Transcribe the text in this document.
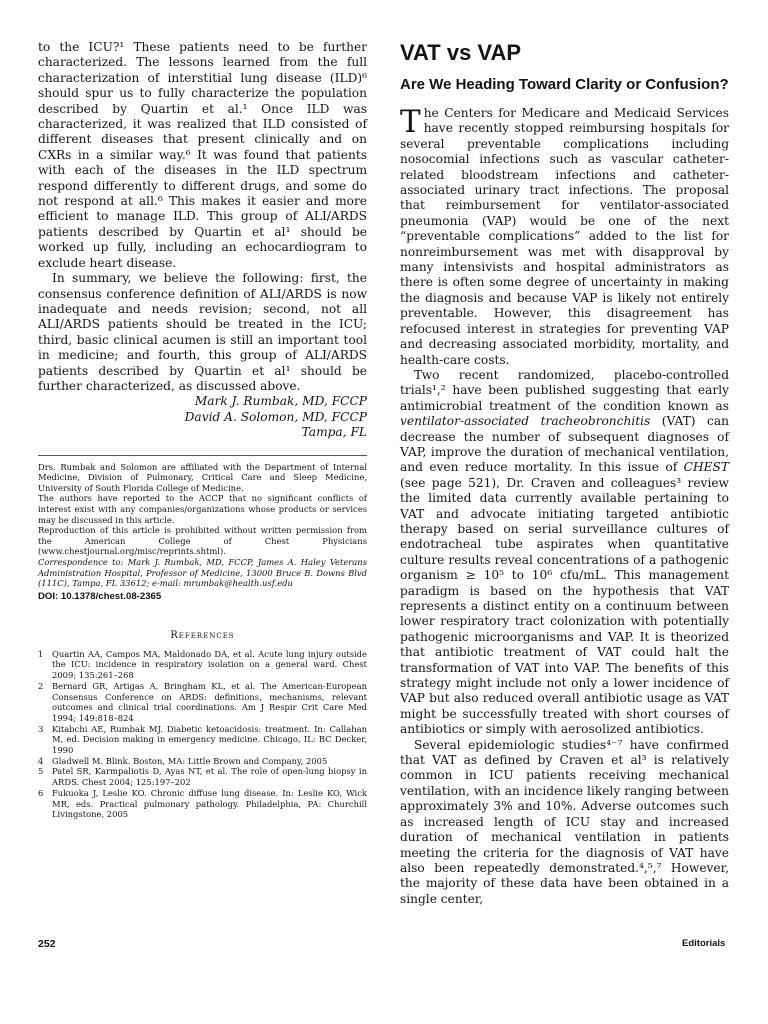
to the ICU?¹ These patients need to be further characterized. The lessons learned from the full characterization of interstitial lung disease (ILD)⁶ should spur us to fully characterize the population described by Quartin et al.¹ Once ILD was characterized, it was realized that ILD consisted of different diseases that present clinically and on CXRs in a similar way.⁶ It was found that patients with each of the diseases in the ILD spectrum respond differently to different drugs, and some do not respond at all.⁶ This makes it easier and more efficient to manage ILD. This group of ALI/ARDS patients described by Quartin et al¹ should be worked up fully, including an echocardiogram to exclude heart disease.

In summary, we believe the following: first, the consensus conference definition of ALI/ARDS is now inadequate and needs revision; second, not all ALI/ARDS patients should be treated in the ICU; third, basic clinical acumen is still an important tool in medicine; and fourth, this group of ALI/ARDS patients described by Quartin et al¹ should be further characterized, as discussed above.

Mark J. Rumbak, MD, FCCP
David A. Solomon, MD, FCCP
Tampa, FL

Drs. Rumbak and Solomon are affiliated with the Department of Internal Medicine, Division of Pulmonary, Critical Care and Sleep Medicine, University of South Florida College of Medicine.

The authors have reported to the ACCP that no significant conflicts of interest exist with any companies/organizations whose products or services may be discussed in this article.

Reproduction of this article is prohibited without written permission from the American College of Chest Physicians (www.chestjournal.org/misc/reprints.shtml).

Correspondence to: Mark J. Rumbak, MD, FCCP, James A. Haley Veterans Administration Hospital, Professor of Medicine, 13000 Bruce B. Downs Blvd (111C), Tampa, FL 33612; e-mail: mrumbak@health.usf.edu

DOI: 10.1378/chest.08-2365
References
1 Quartin AA, Campos MA, Maldonado DA, et al. Acute lung injury outside the ICU: incidence in respiratory isolation on a general ward. Chest 2009; 135:261–268
2 Bernard GR, Artigas A, Bringham KL, et al. The American-European Consensus Conference on ARDS: definitions, mechanisms, relevant outcomes and clinical trial coordinations. Am J Respir Crit Care Med 1994; 149:818–824
3 Kitabchi AE, Rumbak MJ. Diabetic ketoacidosis: treatment. In: Callahan M, ed. Decision making in emergency medicine. Chicago, IL: BC Decker, 1990
4 Gladwell M. Blink. Boston, MA: Little Brown and Company, 2005
5 Patel SR, Karmpaliotis D, Ayas NT, et al. The role of open-lung biopsy in ARDS. Chest 2004; 125:197–202
6 Fukuoka J, Leslie KO. Chronic diffuse lung disease. In: Leslie KO, Wick MR, eds. Practical pulmonary pathology. Philadelphia, PA: Churchill Livingstone, 2005
VAT vs VAP
Are We Heading Toward Clarity or Confusion?

The Centers for Medicare and Medicaid Services have recently stopped reimbursing hospitals for several preventable complications including nosocomial infections such as vascular catheter-related bloodstream infections and catheter-associated urinary tract infections. The proposal that reimbursement for ventilator-associated pneumonia (VAP) would be one of the next “preventable complications” added to the list for nonreimbursement was met with disapproval by many intensivists and hospital administrators as there is often some degree of uncertainty in making the diagnosis and because VAP is likely not entirely preventable. However, this disagreement has refocused interest in strategies for preventing VAP and decreasing associated morbidity, mortality, and health-care costs.

Two recent randomized, placebo-controlled trials¹,² have been published suggesting that early antimicrobial treatment of the condition known as ventilator-associated tracheobronchitis (VAT) can decrease the number of subsequent diagnoses of VAP, improve the duration of mechanical ventilation, and even reduce mortality. In this issue of CHEST (see page 521), Dr. Craven and colleagues³ review the limited data currently available pertaining to VAT and advocate initiating targeted antibiotic therapy based on serial surveillance cultures of endotracheal tube aspirates when quantitative culture results reveal concentrations of a pathogenic organism ≥ 10⁵ to 10⁶ cfu/mL. This management paradigm is based on the hypothesis that VAT represents a distinct entity on a continuum between lower respiratory tract colonization with potentially pathogenic microorganisms and VAP. It is theorized that antibiotic treatment of VAT could halt the transformation of VAT into VAP. The benefits of this strategy might include not only a lower incidence of VAP but also reduced overall antibiotic usage as VAT might be successfully treated with short courses of antibiotics or simply with aerosolized antibiotics.

Several epidemiologic studies⁴⁻⁷ have confirmed that VAT as defined by Craven et al³ is relatively common in ICU patients receiving mechanical ventilation, with an incidence likely ranging between approximately 3% and 10%. Adverse outcomes such as increased length of ICU stay and increased duration of mechanical ventilation in patients meeting the criteria for the diagnosis of VAT have also been repeatedly demonstrated.⁴,⁵,⁷ However, the majority of these data have been obtained in a single center,

252	Editorials
